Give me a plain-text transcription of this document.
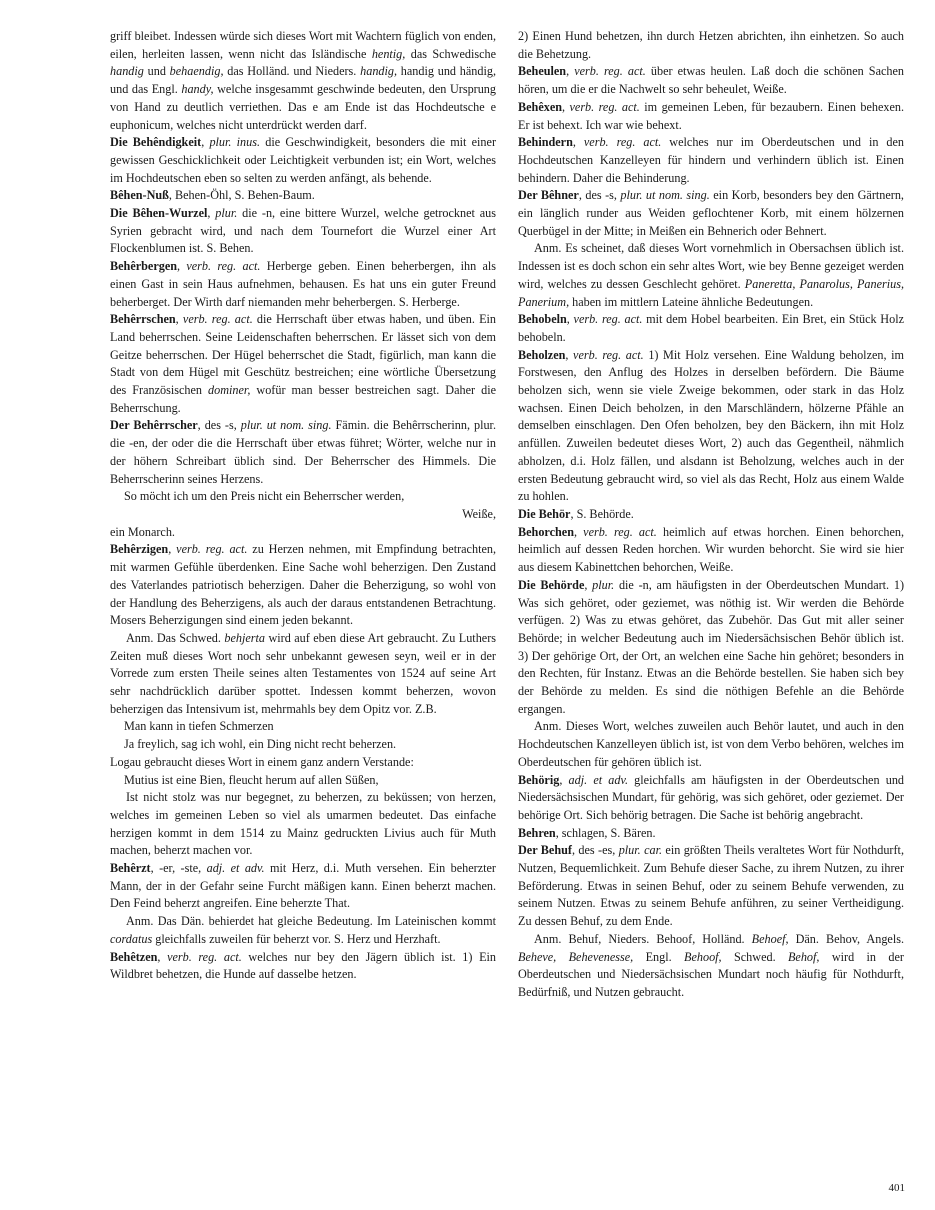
griff bleibet. Indessen würde sich dieses Wort mit Wachtern füglich von enden, eilen, herleiten lassen, wenn nicht das Isländische hentig, das Schwedische handig und behaendig, das Holländ. und Nieders. handig, handig und händig, und das Engl. handy, welche insgesammt geschwinde bedeuten, den Ursprung von Hand zu deutlich verriethen. Das e am Ende ist das Hochdeutsche e euphonicum, welches nicht unterdrückt werden darf.

Die Behêndigkeit, plur. inus. die Geschwindigkeit, besonders die mit einer gewissen Geschicklichkeit oder Leichtigkeit verbunden ist; ein Wort, welches im Hochdeutschen eben so selten zu werden anfängt, als behende.

Bêhen-Nuß, Behen-Öhl, S. Behen-Baum.

Die Bêhen-Wurzel, plur. die -n, eine bittere Wurzel, welche getrocknet aus Syrien gebracht wird, und nach dem Tournefort die Wurzel einer Art Flockenblumen ist. S. Behen.

Behêrbergen, verb. reg. act. Herberge geben. Einen beherbergen, ihn als einen Gast in sein Haus aufnehmen, behausen. Es hat uns ein guter Freund beherberget. Der Wirth darf niemanden mehr beherbergen. S. Herberge.

Behêrrschen, verb. reg. act. die Herrschaft über etwas haben, und üben. Ein Land beherrschen. Seine Leidenschaften beherrschen. Er lässet sich von dem Geitze beherrschen. Der Hügel beherrschet die Stadt, figürlich, man kann die Stadt von dem Hügel mit Geschütz bestreichen; eine wörtliche Übersetzung des Französischen dominer, wofür man besser bestreichen sagt. Daher die Beherrschung.

Der Behêrrscher, des -s, plur. ut nom. sing. Fämin. die Behêrrscherinn, plur. die -en, der oder die die Herrschaft über etwas führet; Wörter, welche nur in der höhern Schreibart üblich sind. Der Beherrscher des Himmels. Die Beherrscherinn seines Herzens.

So möcht ich um den Preis nicht ein Beherrscher werden,

Weiße,

ein Monarch.

Behêrzigen, verb. reg. act. zu Herzen nehmen, mit Empfindung betrachten, mit warmen Gefühle überdenken. Eine Sache wohl beherzigen. Den Zustand des Vaterlandes patriotisch beherzigen. Daher die Beherzigung, so wohl von der Handlung des Beherzigens, als auch der daraus entstandenen Betrachtung. Mosers Beherzigungen sind einem jeden bekannt.

Anm. Das Schwed. behjerta wird auf eben diese Art gebraucht. Zu Luthers Zeiten muß dieses Wort noch sehr unbekannt gewesen seyn, weil er in der Vorrede zum ersten Theile seines alten Testamentes von 1524 auf seine Art sehr nachdrücklich darüber spottet. Indessen kommt beherzen, wovon beherzigen das Intensivum ist, mehrmahls bey dem Opitz vor. Z.B.

Man kann in tiefen Schmerzen

Ja freylich, sag ich wohl, ein Ding nicht recht beherzen.

Logau gebraucht dieses Wort in einem ganz andern Verstande:

Mutius ist eine Bien, fleucht herum auf allen Süßen,

Ist nicht stolz was nur begegnet, zu beherzen, zu beküssen; von herzen, welches im gemeinen Leben so viel als umarmen bedeutet. Das einfache herzigen kommt in dem 1514 zu Mainz gedruckten Livius auch für Muth machen, beherzt machen vor.

Behêrzt, -er, -ste, adj. et adv. mit Herz, d.i. Muth versehen. Ein beherzter Mann, der in der Gefahr seine Furcht mäßigen kann. Einen beherzt machen. Den Feind beherzt angreifen. Eine beherzte That.

Anm. Das Dän. behierdet hat gleiche Bedeutung. Im Lateinischen kommt cordatus gleichfalls zuweilen für beherzt vor. S. Herz und Herzhaft.

Behêtzen, verb. reg. act. welches nur bey den Jägern üblich ist. 1) Ein Wildbret behetzen, die Hunde auf dasselbe hetzen.

2) Einen Hund behetzen, ihn durch Hetzen abrichten, ihn einhetzen. So auch die Behetzung.

Beheulen, verb. reg. act. über etwas heulen. Laß doch die schönen Sachen hören, um die er die Nachwelt so sehr beheulet, Weiße.

Behêxen, verb. reg. act. im gemeinen Leben, für bezaubern. Einen behexen. Er ist behext. Ich war wie behext.

Behindern, verb. reg. act. welches nur im Oberdeutschen und in den Hochdeutschen Kanzelleyen für hindern und verhindern üblich ist. Einen behindern. Daher die Behinderung.

Der Bêhner, des -s, plur. ut nom. sing. ein Korb, besonders bey den Gärtnern, ein länglich runder aus Weiden geflochtener Korb, mit einem hölzernen Querbügel in der Mitte; in Meißen ein Behnerich oder Behnert.

Anm. Es scheinet, daß dieses Wort vornehmlich in Obersachsen üblich ist. Indessen ist es doch schon ein sehr altes Wort, wie bey Benne gezeiget werden wird, welches zu dessen Geschlecht gehöret. Paneretta, Panarolus, Panerius, Panerium, haben im mittlern Lateine ähnliche Bedeutungen.

Behobeln, verb. reg. act. mit dem Hobel bearbeiten. Ein Bret, ein Stück Holz behobeln.

Beholzen, verb. reg. act. 1) Mit Holz versehen. Eine Waldung beholzen, im Forstwesen, den Anflug des Holzes in derselben befördern. Die Bäume beholzen sich, wenn sie viele Zweige bekommen, oder stark in das Holz wachsen. Einen Deich beholzen, in den Marschländern, hölzerne Pfähle an demselben einschlagen. Den Ofen beholzen, bey den Bäckern, ihn mit Holz anfüllen. Zuweilen bedeutet dieses Wort, 2) auch das Gegentheil, nähmlich abholzen, d.i. Holz fällen, und alsdann ist Beholzung, welches auch in der ersten Bedeutung gebraucht wird, so viel als das Recht, Holz aus einem Walde zu hohlen.

Die Behör, S. Behörde.

Behorchen, verb. reg. act. heimlich auf etwas horchen. Einen behorchen, heimlich auf dessen Reden horchen. Wir wurden behorcht. Sie wird sie hier aus diesem Kabinettchen behorchen, Weiße.

Die Behörde, plur. die -n, am häufigsten in der Oberdeutschen Mundart. 1) Was sich gehöret, oder geziemet, was nöthig ist. Wir werden die Behörde verfügen. 2) Was zu etwas gehöret, das Zubehör. Das Gut mit aller seiner Behörde; in welcher Bedeutung auch im Niedersächsischen Behör üblich ist. 3) Der gehörige Ort, der Ort, an welchen eine Sache hin gehöret; besonders in den Rechten, für Instanz. Etwas an die Behörde bestellen. Sie haben sich bey der Behörde zu melden. Es sind die nöthigen Befehle an die Behörde ergangen.

Anm. Dieses Wort, welches zuweilen auch Behör lautet, und auch in den Hochdeutschen Kanzelleyen üblich ist, ist von dem Verbo behören, welches im Oberdeutschen für gehören üblich ist.

Behörig, adj. et adv. gleichfalls am häufigsten in der Oberdeutschen und Niedersächsischen Mundart, für gehörig, was sich gehöret, oder geziemet. Der behörige Ort. Sich behörig betragen. Die Sache ist behörig angebracht.

Behren, schlagen, S. Bären.

Der Behuf, des -es, plur. car. ein größten Theils veraltetes Wort für Nothdurft, Nutzen, Bequemlichkeit. Zum Behufe dieser Sache, zu ihrem Nutzen, zu ihrer Beförderung. Etwas in seinen Behuf, oder zu seinem Behufe verwenden, zu seinem Nutzen. Etwas zu seinem Behufe anführen, zu seiner Vertheidigung. Zu dessen Behuf, zu dem Ende.

Anm. Behuf, Nieders. Behoof, Holländ. Behoef, Dän. Behov, Angels. Beheve, Behevenesse, Engl. Behoof, Schwed. Behof, wird in der Oberdeutschen und Niedersächsischen Mundart noch häufig für Nothdurft, Bedürfniß, und Nutzen gebraucht.

401
